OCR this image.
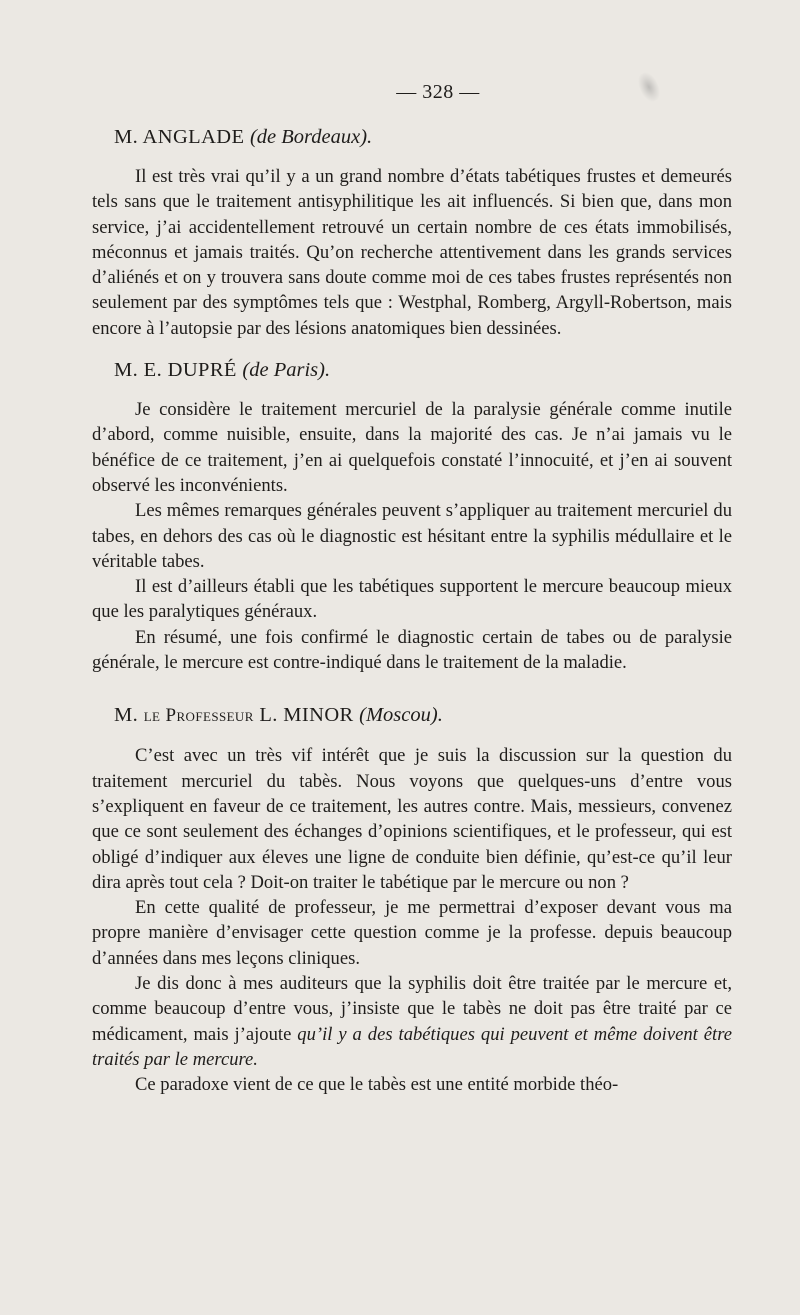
— 328 —
M. ANGLADE (de Bordeaux).

Il est très vrai qu’il y a un grand nombre d’états tabétiques frustes et demeurés tels sans que le traitement antisyphilitique les ait influencés. Si bien que, dans mon service, j’ai accidentellement retrouvé un certain nombre de ces états immobilisés, méconnus et jamais traités. Qu’on recherche attentivement dans les grands services d’aliénés et on y trouvera sans doute comme moi de ces tabes frustes représentés non seulement par des symptômes tels que : Westphal, Romberg, Argyll-Robertson, mais encore à l’autopsie par des lésions anatomiques bien dessinées.

M. E. DUPRÉ (de Paris).

Je considère le traitement mercuriel de la paralysie générale comme inutile d’abord, comme nuisible, ensuite, dans la majorité des cas. Je n’ai jamais vu le bénéfice de ce traitement, j’en ai quelquefois constaté l’innocuité, et j’en ai souvent observé les inconvénients.

Les mêmes remarques générales peuvent s’appliquer au traitement mercuriel du tabes, en dehors des cas où le diagnostic est hésitant entre la syphilis médullaire et le véritable tabes.

Il est d’ailleurs établi que les tabétiques supportent le mercure beaucoup mieux que les paralytiques généraux.

En résumé, une fois confirmé le diagnostic certain de tabes ou de paralysie générale, le mercure est contre-indiqué dans le traitement de la maladie.

M. le Professeur L. MINOR (Moscou).

C’est avec un très vif intérêt que je suis la discussion sur la question du traitement mercuriel du tabès. Nous voyons que quelques-uns d’entre vous s’expliquent en faveur de ce traitement, les autres contre. Mais, messieurs, convenez que ce sont seulement des échanges d’opinions scientifiques, et le professeur, qui est obligé d’indiquer aux éleves une ligne de conduite bien définie, qu’est-ce qu’il leur dira après tout cela ? Doit-on traiter le tabétique par le mercure ou non ?

En cette qualité de professeur, je me permettrai d’exposer devant vous ma propre manière d’envisager cette question comme je la professe. depuis beaucoup d’années dans mes leçons cliniques.

Je dis donc à mes auditeurs que la syphilis doit être traitée par le mercure et, comme beaucoup d’entre vous, j’insiste que le tabès ne doit pas être traité par ce médicament, mais j’ajoute qu’il y a des tabétiques qui peuvent et même doivent être traités par le mercure.

Ce paradoxe vient de ce que le tabès est une entité morbide théo-
